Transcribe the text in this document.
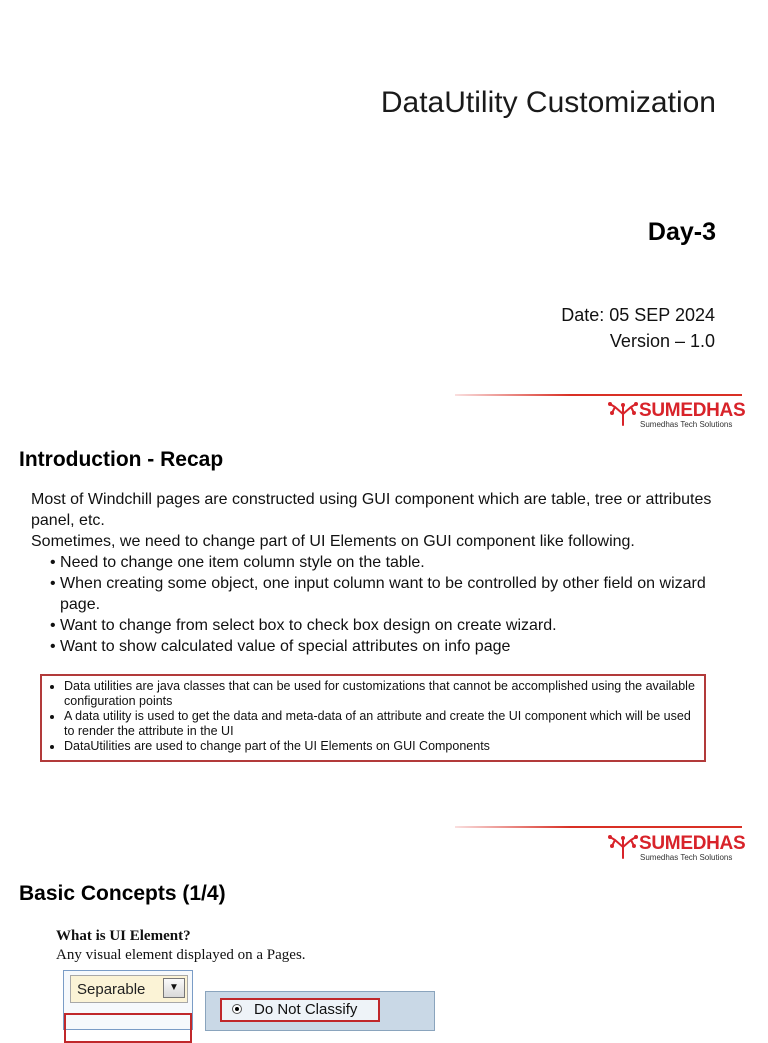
DataUtility Customization
Day-3
Date: 05 SEP 2024
Version – 1.0
SUMEDHAS
Sumedhas Tech Solutions
Introduction - Recap

Most of Windchill pages are constructed using GUI component which are table, tree or attributes panel, etc.

Sometimes, we need to change part of UI Elements on GUI component like following.

• Need to change one item column style on the table.

• When creating some object, one input column want to be controlled by other field on wizard page.

• Want to change from select box to check box design on create wizard.

• Want to show calculated value of special attributes on info page

• Data utilities are java classes that can be used for customizations that cannot be accomplished using the available configuration points
• A data utility is used to get the data and meta-data of an attribute and create the UI component which will be used to render the attribute in the UI
• DataUtilities are used to change part of the UI Elements on GUI Components
SUMEDHAS
Sumedhas Tech Solutions
Basic Concepts (1/4)
What is UI Element?
Any visual element displayed on a Pages.
Separable	▼
Do Not Classify
